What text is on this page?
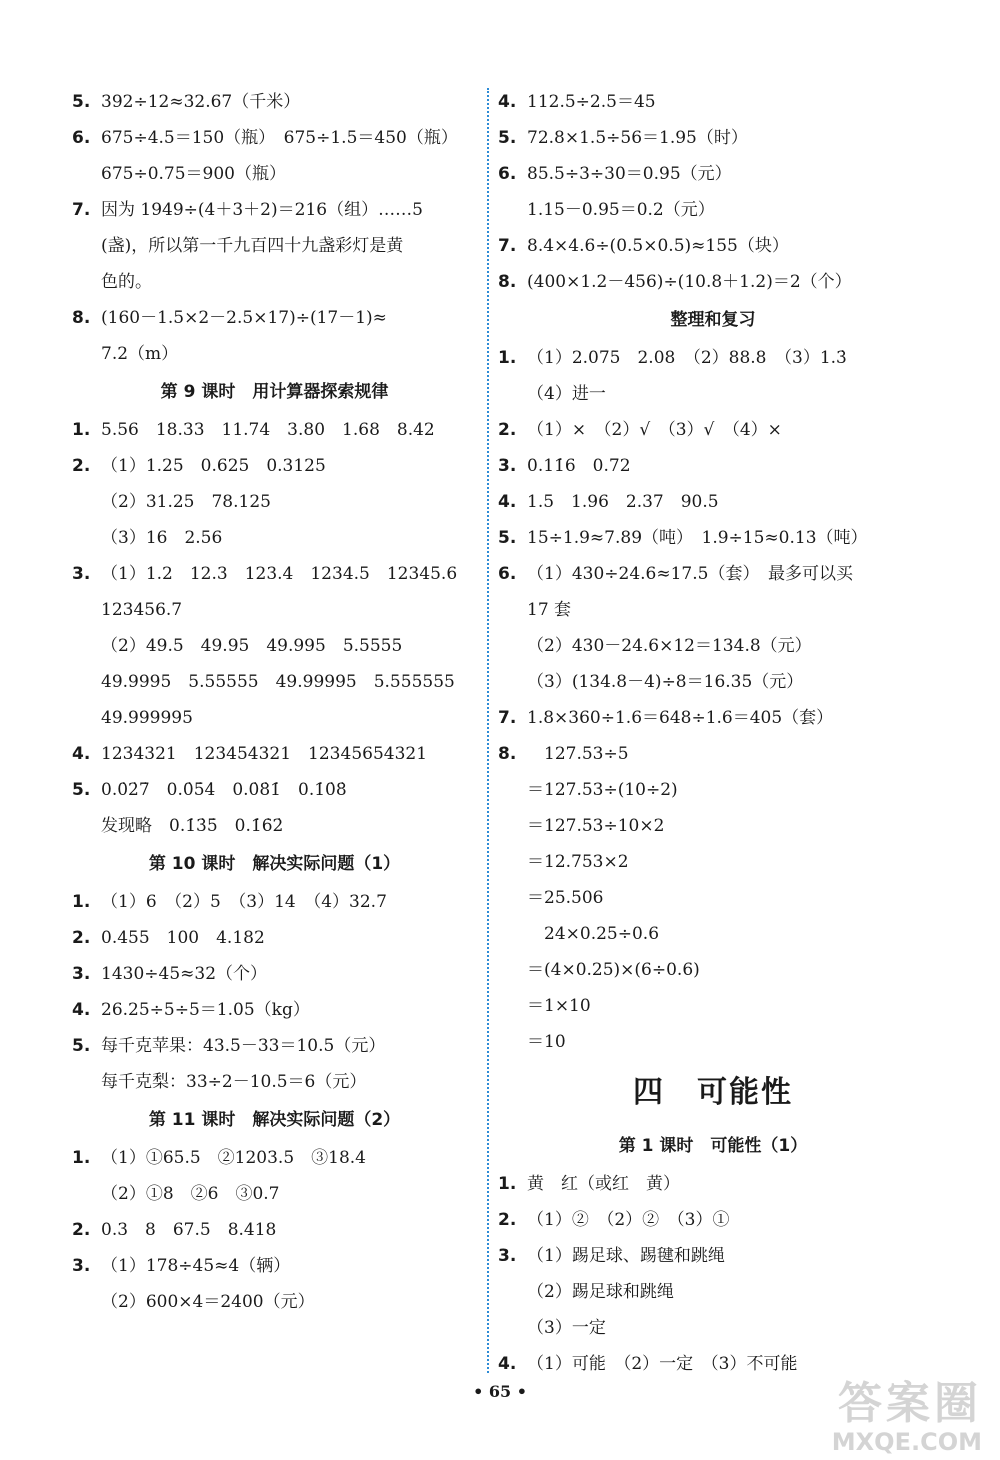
5. 392÷12≈32.67（千米）
6. 675÷4.5＝150（瓶）　675÷1.5＝450（瓶）
675÷0.75＝900（瓶）
7. 因为 1949÷(4＋3＋2)＝216（组）……5
(盏)，所以第一千九百四十九盏彩灯是黄
色的。
8. (160－1.5×2－2.5×17)÷(17－1)≈
7.2（m）
第 9 课时　用计算器探索规律
1. 5.56　18.33　11.74　3.80　1.68　8.42
2. （1）1.25　0.625　0.3125
（2）31.25　78.125
（3）16　2.56
3. （1）1.2　12.3　123.4　1234.5　12345.6
123456.7
（2）49.5　49.95　49.995　5.5555
49.9995　5.55555　49.99995　5.555555
49.999995
4. 1234321　123454321　12345654321
5. 0.0̇2̇7̇　0.0̇5̇4̇　0.0̇8̇1̇　0.1̇0̇8̇
发现略　0.1̇3̇5̇　0.1̇6̇2̇
第 10 课时　解决实际问题（1）
1. （1）6　（2）5　（3）14　（4）32.7
2. 0.455　100　4.182
3. 1430÷45≈32（个）
4. 26.25÷5÷5＝1.05（kg）
5. 每千克苹果：43.5－33＝10.5（元）
每千克梨：33÷2－10.5＝6（元）
第 11 课时　解决实际问题（2）
1. （1）①65.5　②1203.5　③18.4
（2）①8　②6　③0.7
2. 0.3　8　67.5　8.418
3. （1）178÷45≈4（辆）
（2）600×4＝2400（元）
4. 112.5÷2.5＝45
5. 72.8×1.5÷56＝1.95（时）
6. 85.5÷3÷30＝0.95（元）
1.15－0.95＝0.2（元）
7. 8.4×4.6÷(0.5×0.5)≈155（块）
8. (400×1.2－456)÷(10.8＋1.2)＝2（个）
整理和复习
1. （1）2.075　2.08　（2）88.8　（3）1.3̇
（4）进一
2. （1）×　（2）√　（3）√　（4）×
3. 0.11̇6　0.72
4. 1.5　1.96　2.37　90.5
5. 15÷1.9≈7.89（吨）　1.9÷15≈0.13（吨）
6. （1）430÷24.6≈17.5（套）　最多可以买
17 套
（2）430－24.6×12＝134.8（元）
（3）(134.8－4)÷8＝16.35（元）
7. 1.8×360÷1.6＝648÷1.6＝405（套）
8. 　127.53÷5
＝127.53÷(10÷2)
＝127.53÷10×2
＝12.753×2
＝25.506
　24×0.25÷0.6
＝(4×0.25)×(6÷0.6)
＝1×10
＝10
四　可能性
第 1 课时　可能性（1）
1. 黄　红（或红　黄）
2. （1）②　（2）②　（3）①
3. （1）踢足球、踢毽和跳绳
（2）踢足球和跳绳
（3）一定
4. （1）可能　（2）一定　（3）不可能
• 65 •	答案圈
MXQE.COM
